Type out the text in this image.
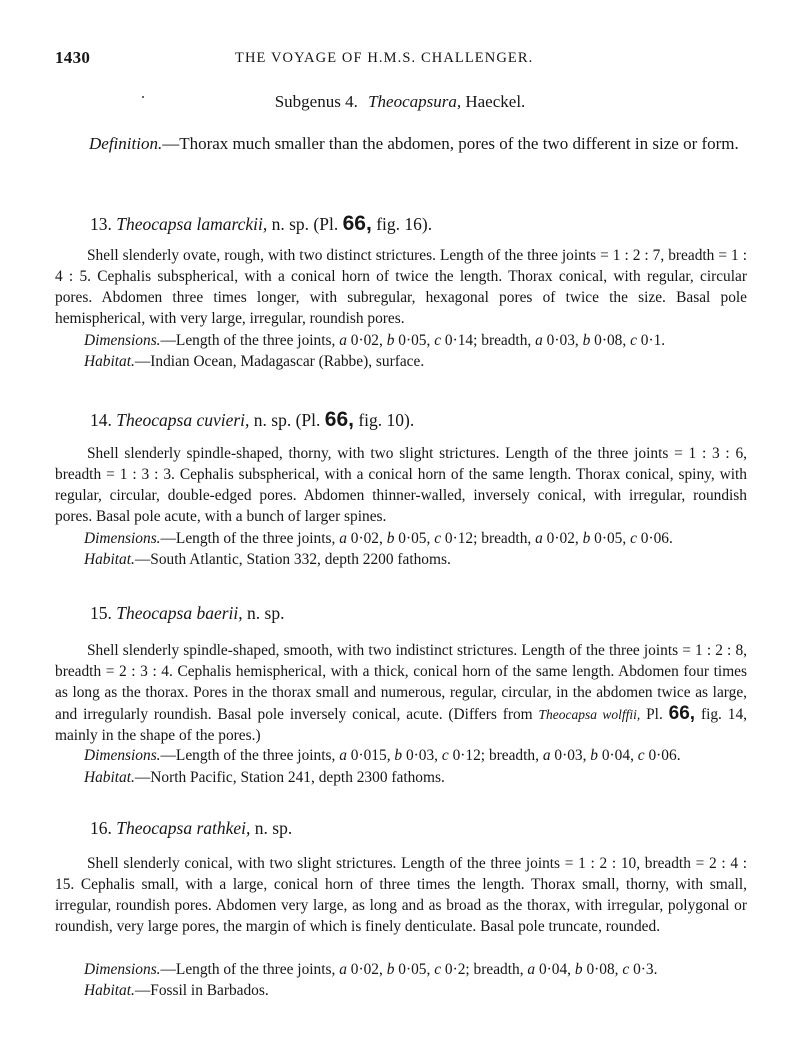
1430	THE VOYAGE OF H.M.S. CHALLENGER.
Subgenus 4. Theocapsura, Haeckel.

Definition.—Thorax much smaller than the abdomen, pores of the two different in size or form.

13. Theocapsa lamarckii, n. sp. (Pl. 66, fig. 16).

Shell slenderly ovate, rough, with two distinct strictures. Length of the three joints = 1 : 2 : 7, breadth = 1 : 4 : 5. Cephalis subspherical, with a conical horn of twice the length. Thorax conical, with regular, circular pores. Abdomen three times longer, with subregular, hexagonal pores of twice the size. Basal pole hemispherical, with very large, irregular, roundish pores.

Dimensions.—Length of the three joints, a 0·02, b 0·05, c 0·14; breadth, a 0·03, b 0·08, c 0·1.

Habitat.—Indian Ocean, Madagascar (Rabbe), surface.

14. Theocapsa cuvieri, n. sp. (Pl. 66, fig. 10).

Shell slenderly spindle-shaped, thorny, with two slight strictures. Length of the three joints = 1 : 3 : 6, breadth = 1 : 3 : 3. Cephalis subspherical, with a conical horn of the same length. Thorax conical, spiny, with regular, circular, double-edged pores. Abdomen thinner-walled, inversely conical, with irregular, roundish pores. Basal pole acute, with a bunch of larger spines.

Dimensions.—Length of the three joints, a 0·02, b 0·05, c 0·12; breadth, a 0·02, b 0·05, c 0·06.

Habitat.—South Atlantic, Station 332, depth 2200 fathoms.

15. Theocapsa baerii, n. sp.

Shell slenderly spindle-shaped, smooth, with two indistinct strictures. Length of the three joints = 1 : 2 : 8, breadth = 2 : 3 : 4. Cephalis hemispherical, with a thick, conical horn of the same length. Abdomen four times as long as the thorax. Pores in the thorax small and numerous, regular, circular, in the abdomen twice as large, and irregularly roundish. Basal pole inversely conical, acute. (Differs from Theocapsa wolffii, Pl. 66, fig. 14, mainly in the shape of the pores.)

Dimensions.—Length of the three joints, a 0·015, b 0·03, c 0·12; breadth, a 0·03, b 0·04, c 0·06.

Habitat.—North Pacific, Station 241, depth 2300 fathoms.

16. Theocapsa rathkei, n. sp.

Shell slenderly conical, with two slight strictures. Length of the three joints = 1 : 2 : 10, breadth = 2 : 4 : 15. Cephalis small, with a large, conical horn of three times the length. Thorax small, thorny, with small, irregular, roundish pores. Abdomen very large, as long and as broad as the thorax, with irregular, polygonal or roundish, very large pores, the margin of which is finely denticulate. Basal pole truncate, rounded.

Dimensions.—Length of the three joints, a 0·02, b 0·05, c 0·2; breadth, a 0·04, b 0·08, c 0·3.

Habitat.—Fossil in Barbados.
